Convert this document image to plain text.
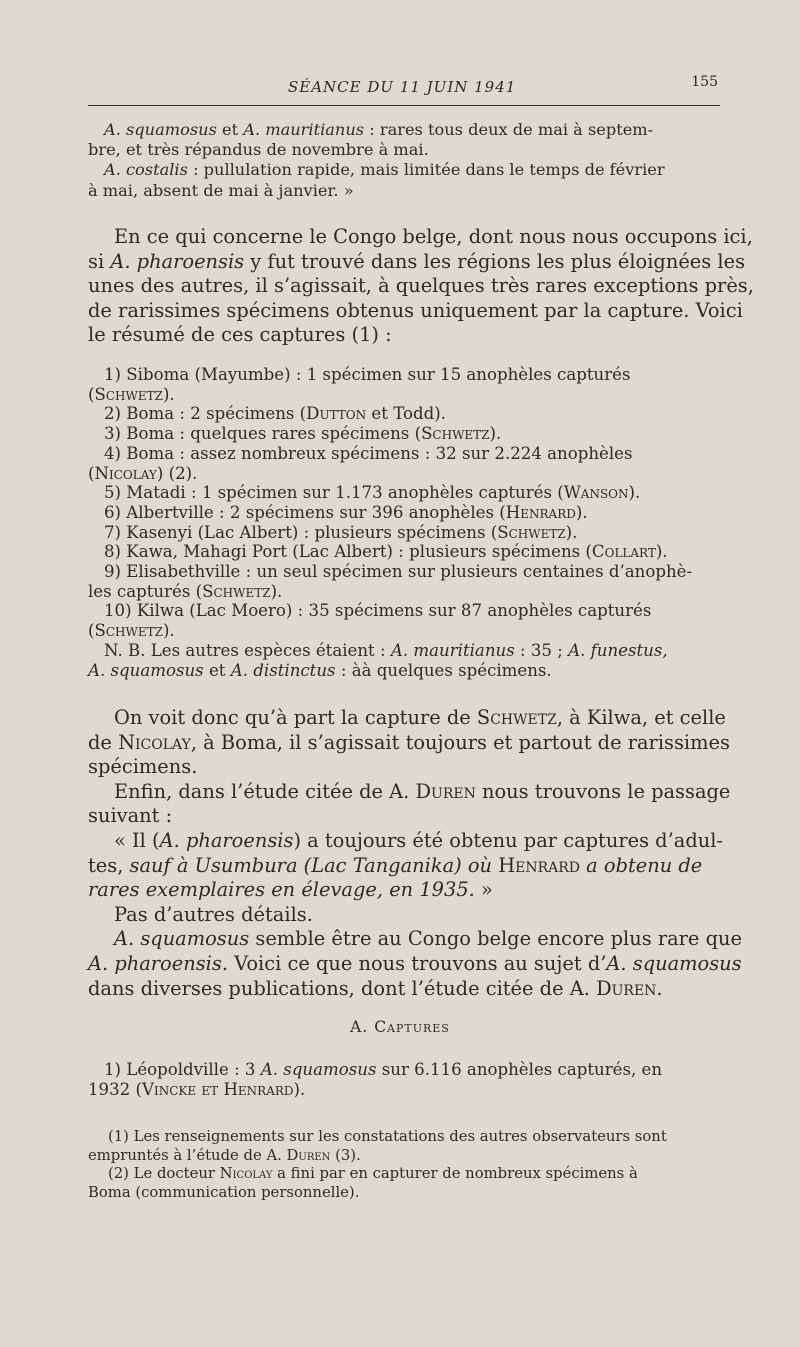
SÉANCE DU 11 JUIN 1941	155
A. squamosus et A. mauritianus : rares tous deux de mai à septem-
bre, et très répandus de novembre à mai.
A. costalis : pullulation rapide, mais limitée dans le temps de février
à mai, absent de mai à janvier. »
En ce qui concerne le Congo belge, dont nous nous occupons ici,
si A. pharoensis y fut trouvé dans les régions les plus éloignées les
unes des autres, il s’agissait, à quelques très rares exceptions près,
de rarissimes spécimens obtenus uniquement par la capture. Voici
le résumé de ces captures (1) :
1) Siboma (Mayumbe) : 1 spécimen sur 15 anophèles capturés
(Schwetz).
2) Boma : 2 spécimens (Dutton et Todd).
3) Boma : quelques rares spécimens (Schwetz).
4) Boma : assez nombreux spécimens : 32 sur 2.224 anophèles
(Nicolay) (2).
5) Matadi : 1 spécimen sur 1.173 anophèles capturés (Wanson).
6) Albertville : 2 spécimens sur 396 anophèles (Henrard).
7) Kasenyi (Lac Albert) : plusieurs spécimens (Schwetz).
8) Kawa, Mahagi Port (Lac Albert) : plusieurs spécimens (Collart).
9) Elisabethville : un seul spécimen sur plusieurs centaines d’anophè-
les capturés (Schwetz).
10) Kilwa (Lac Moero) : 35 spécimens sur 87 anophèles capturés
(Schwetz).
N. B. Les autres espèces étaient : A. mauritianus : 35 ; A. funestus,
A. squamosus et A. distinctus : àà quelques spécimens.
On voit donc qu’à part la capture de Schwetz, à Kilwa, et celle
de Nicolay, à Boma, il s’agissait toujours et partout de rarissimes
spécimens.
Enfin, dans l’étude citée de A. Duren nous trouvons le passage
suivant :
« Il (A. pharoensis) a toujours été obtenu par captures d’adul-
tes, sauf à Usumbura (Lac Tanganika) où Henrard a obtenu de
rares exemplaires en élevage, en 1935. »
Pas d’autres détails.
A. squamosus semble être au Congo belge encore plus rare que
A. pharoensis. Voici ce que nous trouvons au sujet d’A. squamosus
dans diverses publications, dont l’étude citée de A. Duren.
A. Captures
1) Léopoldville : 3 A. squamosus sur 6.116 anophèles capturés, en
1932 (Vincke et Henrard).
(1) Les renseignements sur les constatations des autres observateurs sont
empruntés à l’étude de A. Duren (3).
(2) Le docteur Nicolay a fini par en capturer de nombreux spécimens à
Boma (communication personnelle).
